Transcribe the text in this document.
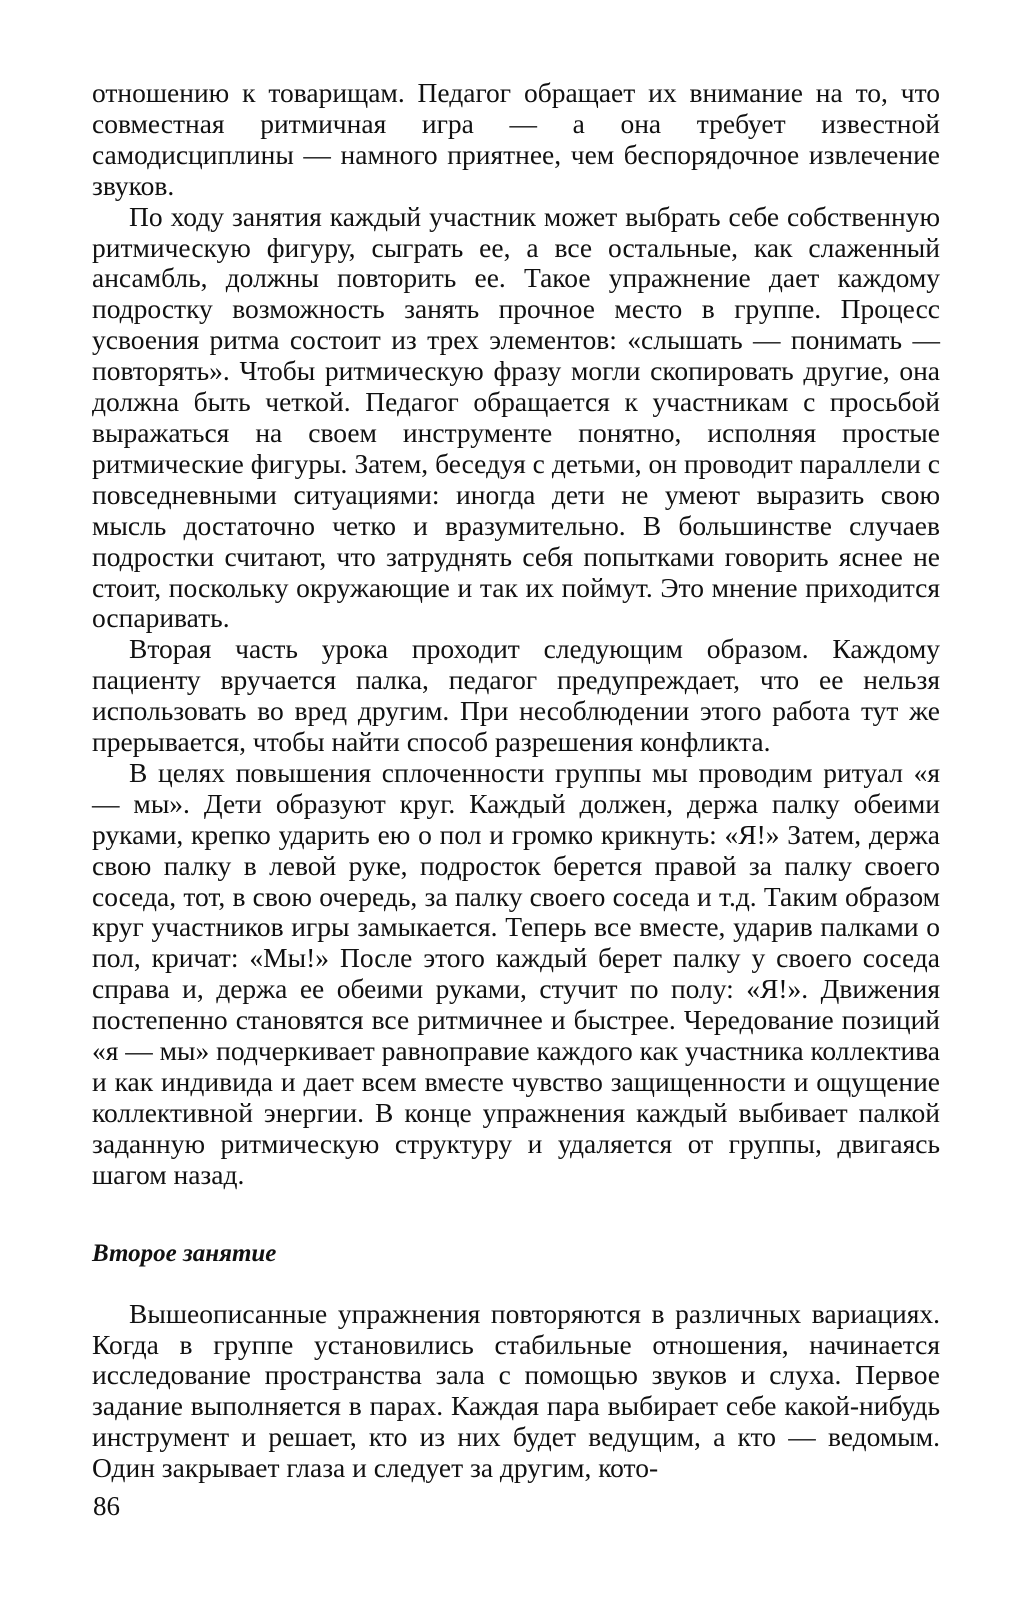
отношению к товарищам. Педагог обращает их внимание на то, что совместная ритмичная игра — а она требует известной самодисциплины — намного приятнее, чем беспорядочное извлечение звуков.

По ходу занятия каждый участник может выбрать себе собственную ритмическую фигуру, сыграть ее, а все остальные, как слаженный ансамбль, должны повторить ее. Такое упражнение дает каждому подростку возможность занять прочное место в группе. Процесс усвоения ритма состоит из трех элементов: «слышать — понимать — повторять». Чтобы ритмическую фразу могли скопировать другие, она должна быть четкой. Педагог обращается к участникам с просьбой выражаться на своем инструменте понятно, исполняя простые ритмические фигуры. Затем, беседуя с детьми, он проводит параллели с повседневными ситуациями: иногда дети не умеют выразить свою мысль достаточно четко и вразумительно. В большинстве случаев подростки считают, что затруднять себя попытками говорить яснее не стоит, поскольку окружающие и так их поймут. Это мнение приходится оспаривать.

Вторая часть урока проходит следующим образом. Каждому пациенту вручается палка, педагог предупреждает, что ее нельзя использовать во вред другим. При несоблюдении этого работа тут же прерывается, чтобы найти способ разрешения конфликта.

В целях повышения сплоченности группы мы проводим ритуал «я — мы». Дети образуют круг. Каждый должен, держа палку обеими руками, крепко ударить ею о пол и громко крикнуть: «Я!» Затем, держа свою палку в левой руке, подросток берется правой за палку своего соседа, тот, в свою очередь, за палку своего соседа и т.д. Таким образом круг участников игры замыкается. Теперь все вместе, ударив палками о пол, кричат: «Мы!» После этого каждый берет палку у своего соседа справа и, держа ее обеими руками, стучит по полу: «Я!». Движения постепенно становятся все ритмичнее и быстрее. Чередование позиций «я — мы» подчеркивает равноправие каждого как участника коллектива и как индивида и дает всем вместе чувство защищенности и ощущение коллективной энергии. В конце упражнения каждый выбивает палкой заданную ритмическую структуру и удаляется от группы, двигаясь шагом назад.

Второе занятие

Вышеописанные упражнения повторяются в различных вариациях. Когда в группе установились стабильные отношения, начинается исследование пространства зала с помощью звуков и слуха. Первое задание выполняется в парах. Каждая пара выбирает себе какой-нибудь инструмент и решает, кто из них будет ведущим, а кто — ведомым. Один закрывает глаза и следует за другим, кото-

86
